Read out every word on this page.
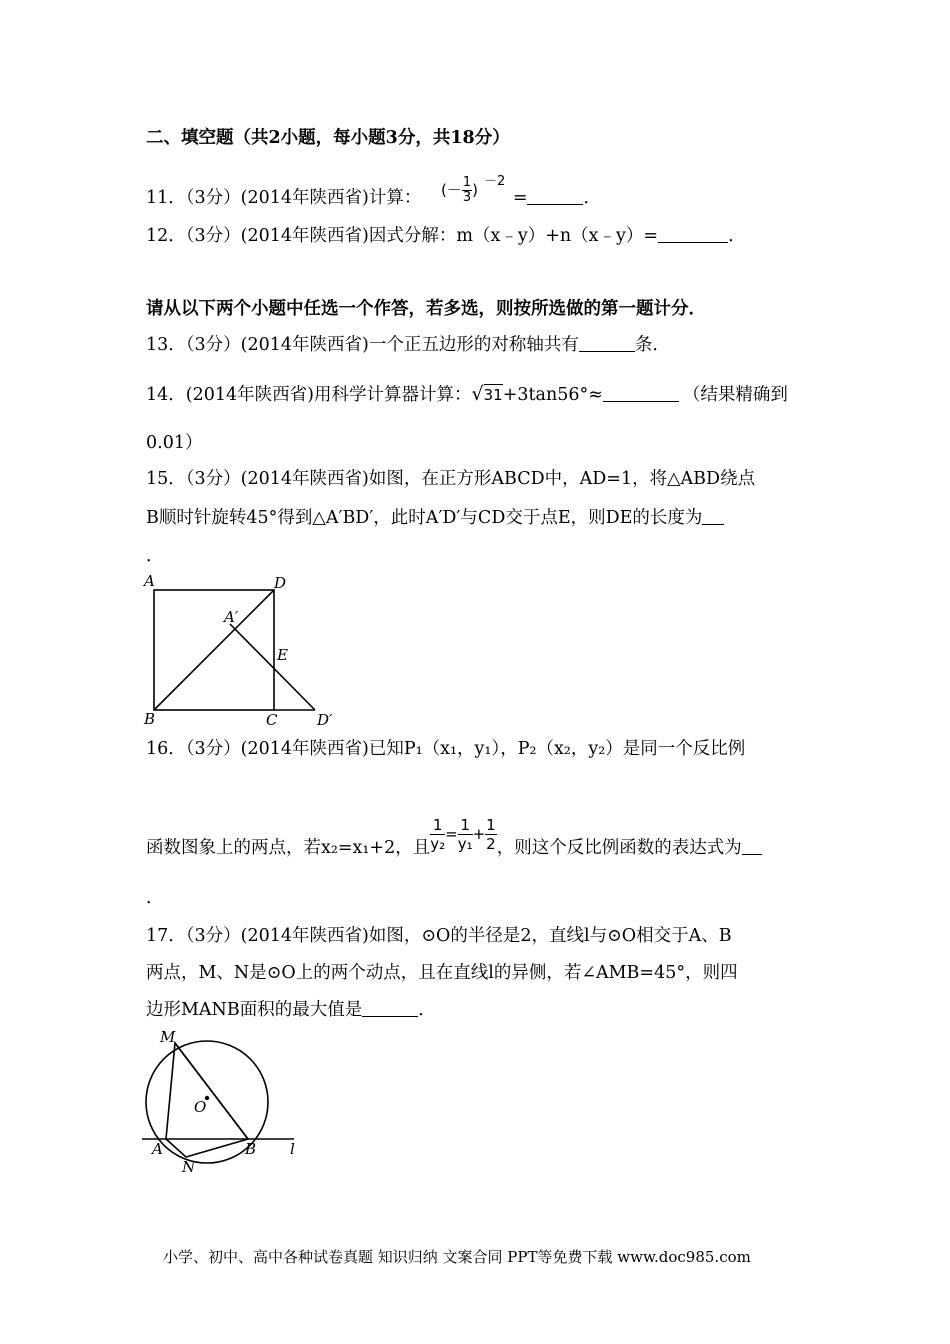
二、填空题（共2小题，每小题3分，共18分）
11．（3分）(2014年陕西省)计算： (－ $\frac{1}{3}$ ) －2 =	．
12．（3分）(2014年陕西省)因式分解：m（x﹣y）+n（x﹣y）=	．
请从以下两个小题中任选一个作答，若多选，则按所选做的第一题计分．
13．（3分）(2014年陕西省)一个正五边形的对称轴共有	条．
14．(2014年陕西省)用科学计算器计算：√31+3tan56°≈	（结果精确到
0.01）
15．（3分）(2014年陕西省)如图，在正方形ABCD中，AD=1，将△ABD绕点
B顺时针旋转45°得到△A′BD′，此时A′D′与CD交于点E，则DE的长度为
．
A	D
A′
E
B	C	D′
16．（3分）(2014年陕西省)已知P₁（x₁，y₁），P₂（x₂，y₂）是同一个反比例
函数图象上的两点，若x₂=x₁+2，且 $\frac{1}{\text{y₂}} = \frac{1}{\text{y₁}} + \frac{1}{2}$ ，则这个反比例函数的表达式为
．
17．（3分）(2014年陕西省)如图，⊙O的半径是2，直线l与⊙O相交于A、B
两点，M、N是⊙O上的两个动点，且在直线l的异侧，若∠AMB=45°，则四
边形MANB面积的最大值是	．
M
O
A	B
N
l
小学、初中、高中各种试卷真题 知识归纳 文案合同 PPT等免费下载 www.doc985.com
